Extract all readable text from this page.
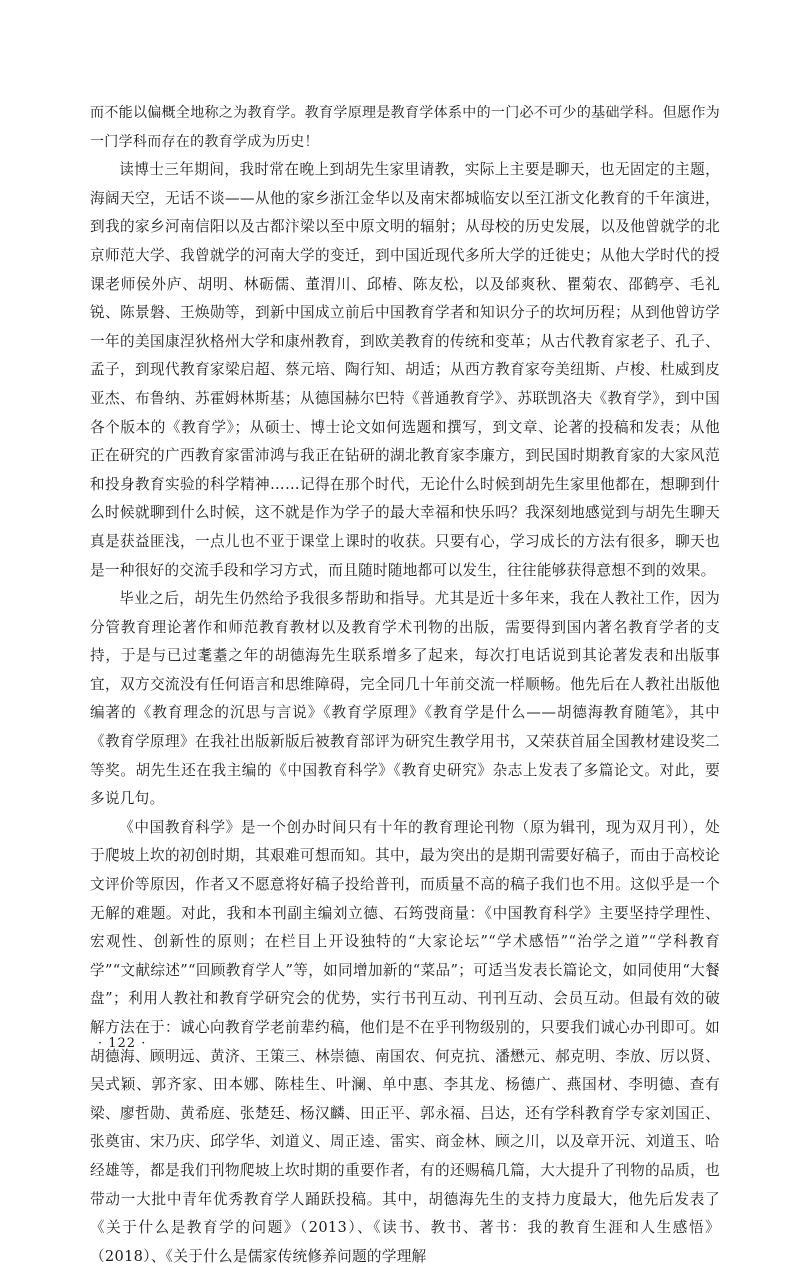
而不能以偏概全地称之为教育学。教育学原理是教育学体系中的一门必不可少的基础学科。但愿作为一门学科而存在的教育学成为历史！

读博士三年期间，我时常在晚上到胡先生家里请教，实际上主要是聊天，也无固定的主题，海阔天空，无话不谈——从他的家乡浙江金华以及南宋都城临安以至江浙文化教育的千年演进，到我的家乡河南信阳以及古都汴梁以至中原文明的辐射；从母校的历史发展，以及他曾就学的北京师范大学、我曾就学的河南大学的变迁，到中国近现代多所大学的迁徙史；从他大学时代的授课老师侯外庐、胡明、林砺儒、董渭川、邱椿、陈友松，以及邰爽秋、瞿菊农、邵鹤亭、毛礼锐、陈景磐、王焕勋等，到新中国成立前后中国教育学者和知识分子的坎坷历程；从到他曾访学一年的美国康涅狄格州大学和康州教育，到欧美教育的传统和变革；从古代教育家老子、孔子、孟子，到现代教育家梁启超、蔡元培、陶行知、胡适；从西方教育家夸美纽斯、卢梭、杜威到皮亚杰、布鲁纳、苏霍姆林斯基；从德国赫尔巴特《普通教育学》、苏联凯洛夫《教育学》，到中国各个版本的《教育学》；从硕士、博士论文如何选题和撰写，到文章、论著的投稿和发表；从他正在研究的广西教育家雷沛鸿与我正在钻研的湖北教育家李廉方，到民国时期教育家的大家风范和投身教育实验的科学精神……记得在那个时代，无论什么时候到胡先生家里他都在，想聊到什么时候就聊到什么时候，这不就是作为学子的最大幸福和快乐吗？我深刻地感觉到与胡先生聊天真是获益匪浅，一点儿也不亚于课堂上课时的收获。只要有心，学习成长的方法有很多，聊天也是一种很好的交流手段和学习方式，而且随时随地都可以发生，往往能够获得意想不到的效果。

毕业之后，胡先生仍然给予我很多帮助和指导。尤其是近十多年来，我在人教社工作，因为分管教育理论著作和师范教育教材以及教育学术刊物的出版，需要得到国内著名教育学者的支持，于是与已过耄耋之年的胡德海先生联系增多了起来，每次打电话说到其论著发表和出版事宜，双方交流没有任何语言和思维障碍，完全同几十年前交流一样顺畅。他先后在人教社出版他编著的《教育理念的沉思与言说》《教育学原理》《教育学是什么——胡德海教育随笔》，其中《教育学原理》在我社出版新版后被教育部评为研究生教学用书，又荣获首届全国教材建设奖二等奖。胡先生还在我主编的《中国教育科学》《教育史研究》杂志上发表了多篇论文。对此，要多说几句。

《中国教育科学》是一个创办时间只有十年的教育理论刊物（原为辑刊，现为双月刊），处于爬坡上坎的初创时期，其艰难可想而知。其中，最为突出的是期刊需要好稿子，而由于高校论文评价等原因，作者又不愿意将好稿子投给普刊，而质量不高的稿子我们也不用。这似乎是一个无解的难题。对此，我和本刊副主编刘立德、石筠弢商量：《中国教育科学》主要坚持学理性、宏观性、创新性的原则；在栏目上开设独特的“大家论坛”“学术感悟”“治学之道”“学科教育学”“文献综述”“回顾教育学人”等，如同增加新的“菜品”；可适当发表长篇论文，如同使用“大餐盘”；利用人教社和教育学研究会的优势，实行书刊互动、刊刊互动、会员互动。但最有效的破解方法在于：诚心向教育学老前辈约稿，他们是不在乎刊物级别的，只要我们诚心办刊即可。如胡德海、顾明远、黄济、王策三、林崇德、南国农、何克抗、潘懋元、郝克明、李放、厉以贤、吴式颖、郭齐家、田本娜、陈桂生、叶澜、单中惠、李其龙、杨德广、燕国材、李明德、查有梁、廖哲勋、黄希庭、张楚廷、杨汉麟、田正平、郭永福、吕达，还有学科教育学专家刘国正、张奠宙、宋乃庆、邱学华、刘道义、周正逵、雷实、商金林、顾之川，以及章开沅、刘道玉、哈经雄等，都是我们刊物爬坡上坎时期的重要作者，有的还赐稿几篇，大大提升了刊物的品质，也带动一大批中青年优秀教育学人踊跃投稿。其中，胡德海先生的支持力度最大，他先后发表了《关于什么是教育学的问题》（2013）、《读书、教书、著书：我的教育生涯和人生感悟》（2018）、《关于什么是儒家传统修养问题的学理解

· 122 ·
